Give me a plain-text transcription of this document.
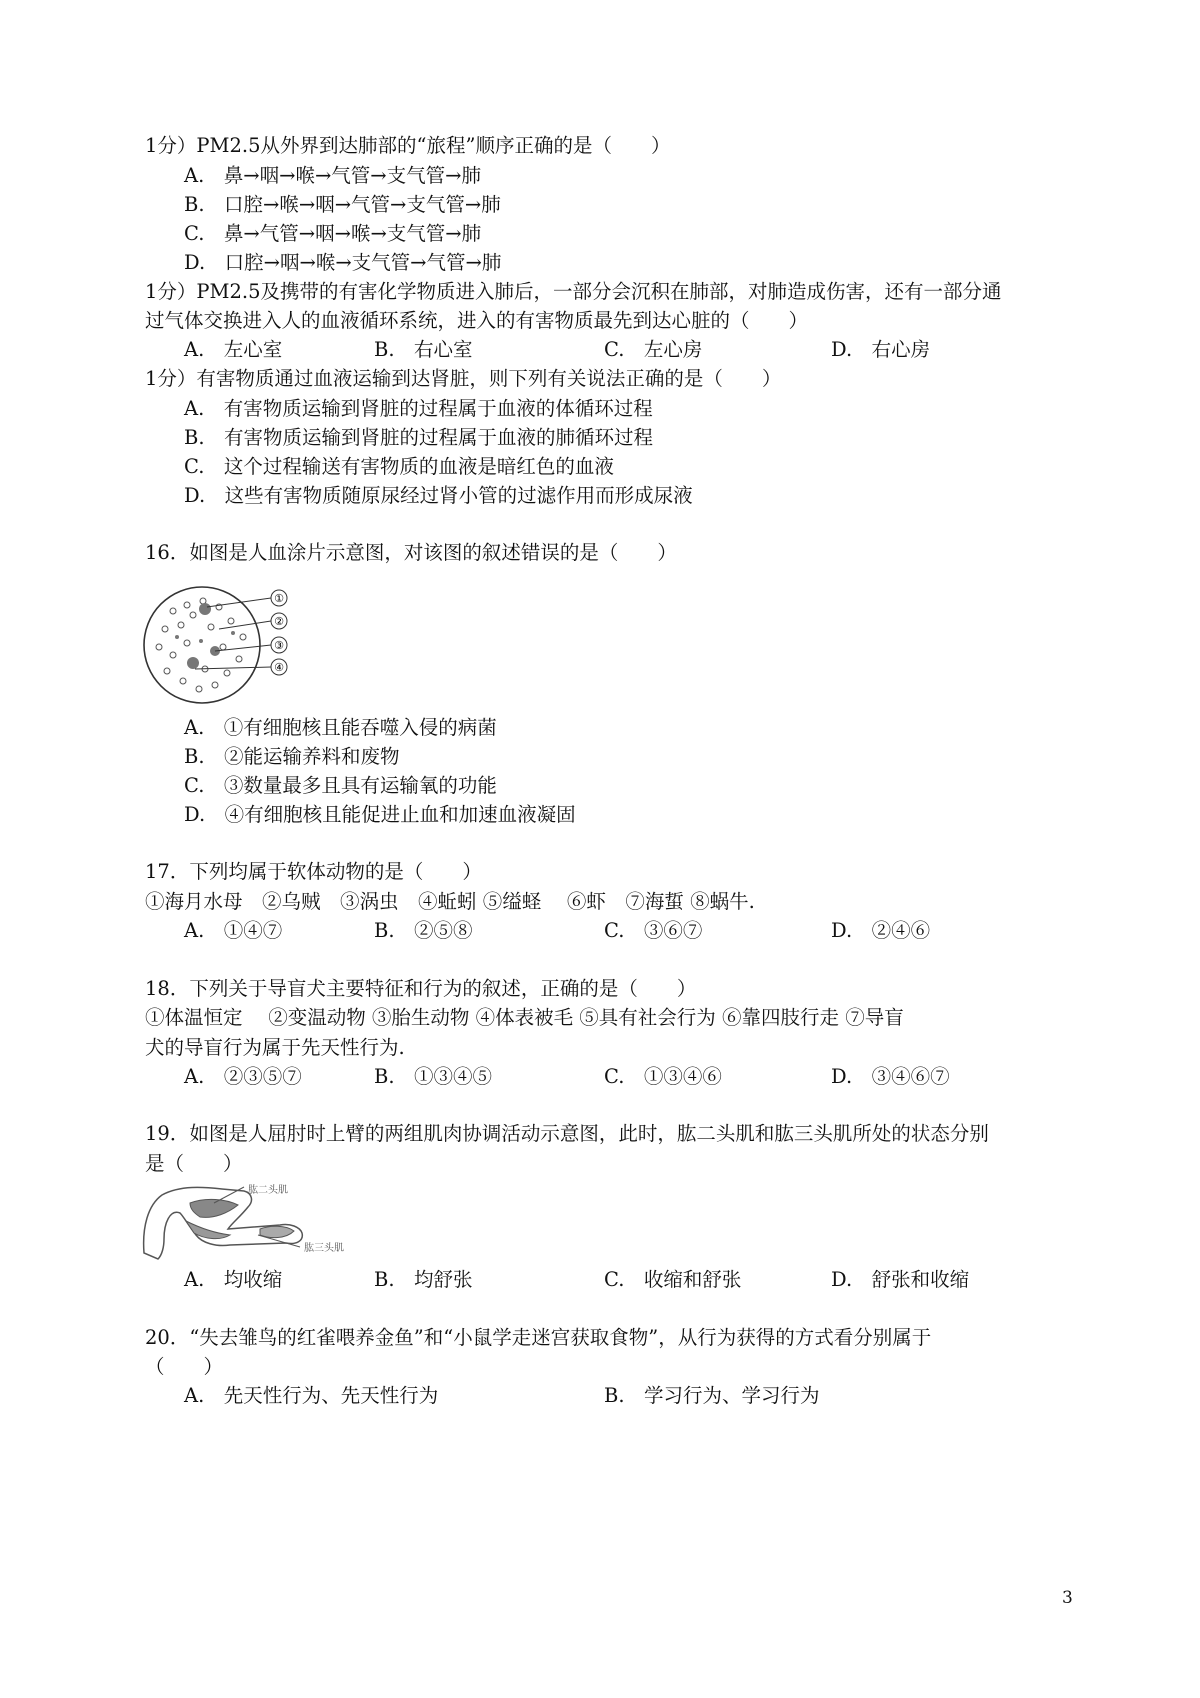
1分）PM2.5从外界到达肺部的“旅程”顺序正确的是（　　）
A.　鼻→咽→喉→气管→支气管→肺
B.　口腔→喉→咽→气管→支气管→肺
C.　鼻→气管→咽→喉→支气管→肺
D.　口腔→咽→喉→支气管→气管→肺
1分）PM2.5及携带的有害化学物质进入肺后，一部分会沉积在肺部，对肺造成伤害，还有一部分通
过气体交换进入人的血液循环系统，进入的有害物质最先到达心脏的（　　）
A.　左心室	B.　右心室	C.　左心房	D.　右心房
1分）有害物质通过血液运输到达肾脏，则下列有关说法正确的是（　　）
A.　有害物质运输到肾脏的过程属于血液的体循环过程
B.　有害物质运输到肾脏的过程属于血液的肺循环过程
C.　这个过程输送有害物质的血液是暗红色的血液
D.　这些有害物质随原尿经过肾小管的过滤作用而形成尿液
16．如图是人血涂片示意图，对该图的叙述错误的是（　　）
①
②
③
④
A.　①有细胞核且能吞噬入侵的病菌
B.　②能运输养料和废物
C.　③数量最多且具有运输氧的功能
D.　④有细胞核且能促进止血和加速血液凝固
17．下列均属于软体动物的是（　　）
①海月水母　②乌贼　③涡虫　④蚯蚓 ⑤缢蛏　 ⑥虾　⑦海蜇 ⑧蜗牛.
A.　①④⑦	B.　②⑤⑧	C.　③⑥⑦	D.　②④⑥
18．下列关于导盲犬主要特征和行为的叙述，正确的是（　　）
①体温恒定　 ②变温动物 ③胎生动物 ④体表被毛 ⑤具有社会行为 ⑥靠四肢行走 ⑦导盲
犬的导盲行为属于先天性行为.
A.　②③⑤⑦	B.　①③④⑤	C.　①③④⑥	D.　③④⑥⑦
19．如图是人屈肘时上臂的两组肌肉协调活动示意图，此时，肱二头肌和肱三头肌所处的状态分别
是（　　）
肱二头肌
肱三头肌
A.　均收缩	B.　均舒张	C.　收缩和舒张	D.　舒张和收缩
20．“失去雏鸟的红雀喂养金鱼”和“小鼠学走迷宫获取食物”，从行为获得的方式看分别属于
（　　）
A.　先天性行为、先天性行为	B.　学习行为、学习行为
3
